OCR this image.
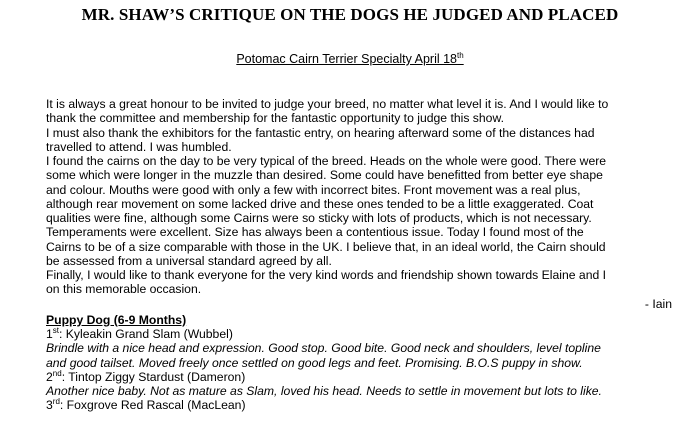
MR. SHAW’S CRITIQUE ON THE DOGS HE JUDGED AND PLACED
Potomac Cairn Terrier Specialty April 18th
It is always a great honour to be invited to judge your breed, no matter what level it is. And I would like to
thank the committee and membership for the fantastic opportunity to judge this show.
I must also thank the exhibitors for the fantastic entry, on hearing afterward some of the distances had
travelled to attend. I was humbled.
I found the cairns on the day to be very typical of the breed. Heads on the whole were good. There were
some which were longer in the muzzle than desired. Some could have benefitted from better eye shape
and colour. Mouths were good with only a few with incorrect bites. Front movement was a real plus,
although rear movement on some lacked drive and these ones tended to be a little exaggerated. Coat
qualities were fine, although some Cairns were so sticky with lots of products, which is not necessary.
Temperaments were excellent. Size has always been a contentious issue. Today I found most of the
Cairns to be of a size comparable with those in the UK. I believe that, in an ideal world, the Cairn should
be assessed from a universal standard agreed by all.
Finally, I would like to thank everyone for the very kind words and friendship shown towards Elaine and I
on this memorable occasion.
- Iain
Puppy Dog (6-9 Months)
1st: Kyleakin Grand Slam (Wubbel)
Brindle with a nice head and expression. Good stop. Good bite. Good neck and shoulders, level topline
and good tailset. Moved freely once settled on good legs and feet. Promising. B.O.S puppy in show.
2nd: Tintop Ziggy Stardust (Dameron)
Another nice baby. Not as mature as Slam, loved his head. Needs to settle in movement but lots to like.
3rd: Foxgrove Red Rascal (MacLean)
